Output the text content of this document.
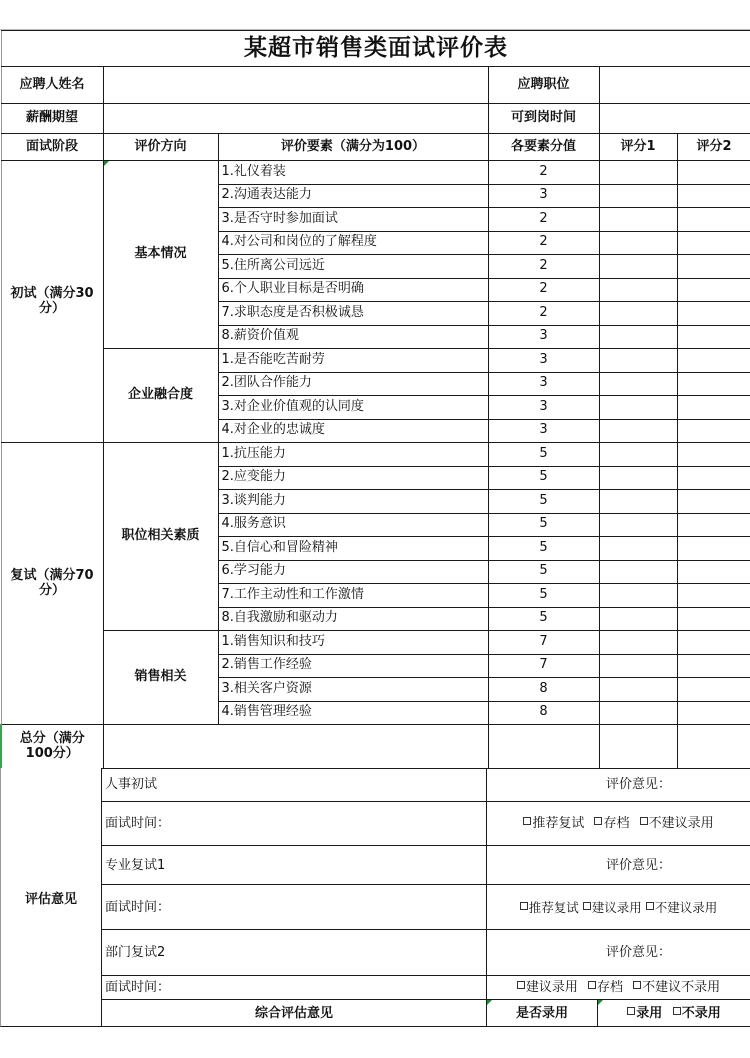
某超市销售类面试评价表					
应聘人姓名			应聘职位		
薪酬期望			可到岗时间		
面试阶段	评价方向	评价要素（满分为100）	各要素分值	评分1	评分2
初试（满分30分）	基本情况	1.礼仪着装	2		
		2.沟通表达能力	3		
		3.是否守时参加面试	2		
		4.对公司和岗位的了解程度	2		
		5.住所离公司远近	2		
		6.个人职业目标是否明确	2		
		7.求职态度是否积极诚恳	2		
		8.薪资价值观	3		
	企业融合度	1.是否能吃苦耐劳	3		
		2.团队合作能力	3		
		3.对企业价值观的认同度	3		
		4.对企业的忠诚度	3		
复试（满分70分）	职位相关素质	1.抗压能力	5		
		2.应变能力	5		
		3.谈判能力	5		
		4.服务意识	5		
		5.自信心和冒险精神	5		
		6.学习能力	5		
		7.工作主动性和工作激情	5		
		8.自我激励和驱动力	5		
	销售相关	1.销售知识和技巧	7		
		2.销售工作经验	7		
		3.相关客户资源	8		
		4.销售管理经验	8		
总分（满分100分）					
人事初试	评价意见：
面试时间：	推荐复试 存档 不建议录用
专业复试1	评价意见：
面试时间：	推荐复试 建议录用 不建议录用
部门复试2	评价意见：
面试时间：	建议录用 存档 不建议不录用
综合评估意见	是否录用	录用 不录用
评估意见
